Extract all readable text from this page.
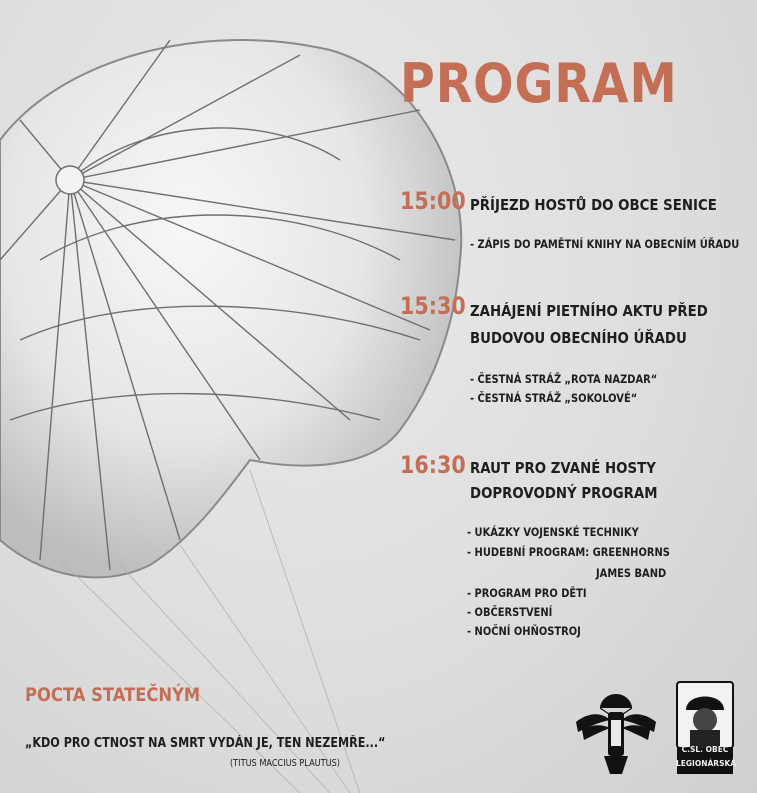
PROGRAM
15:00 PŘÍJEZD HOSTŮ DO OBCE SENICE
- ZÁPIS DO PAMĚTNÍ KNIHY NA OBECNÍM ÚŘADU
15:30 ZAHÁJENÍ PIETNÍHO AKTU PŘED
BUDOVOU OBECNÍHO ÚŘADU
- ČESTNÁ STRÁŽ „ROTA NAZDAR“
- ČESTNÁ STRÁŽ „SOKOLOVÉ“
16:30 RAUT PRO ZVANÉ HOSTY
DOPROVODNÝ PROGRAM
- UKÁZKY VOJENSKÉ TECHNIKY
- HUDEBNÍ PROGRAM: GREENHORNS
JAMES BAND
- PROGRAM PRO DĚTI
- OBČERSTVENÍ
- NOČNÍ OHŇOSTROJ
POCTA STATEČNÝM
„KDO PRO CTNOST NA SMRT VYDÁN JE, TEN NEZEMŘE...“
(TITUS MACCIUS PLAUTUS)
Č.SL. OBEC
LEGIONÁRSKÁ
